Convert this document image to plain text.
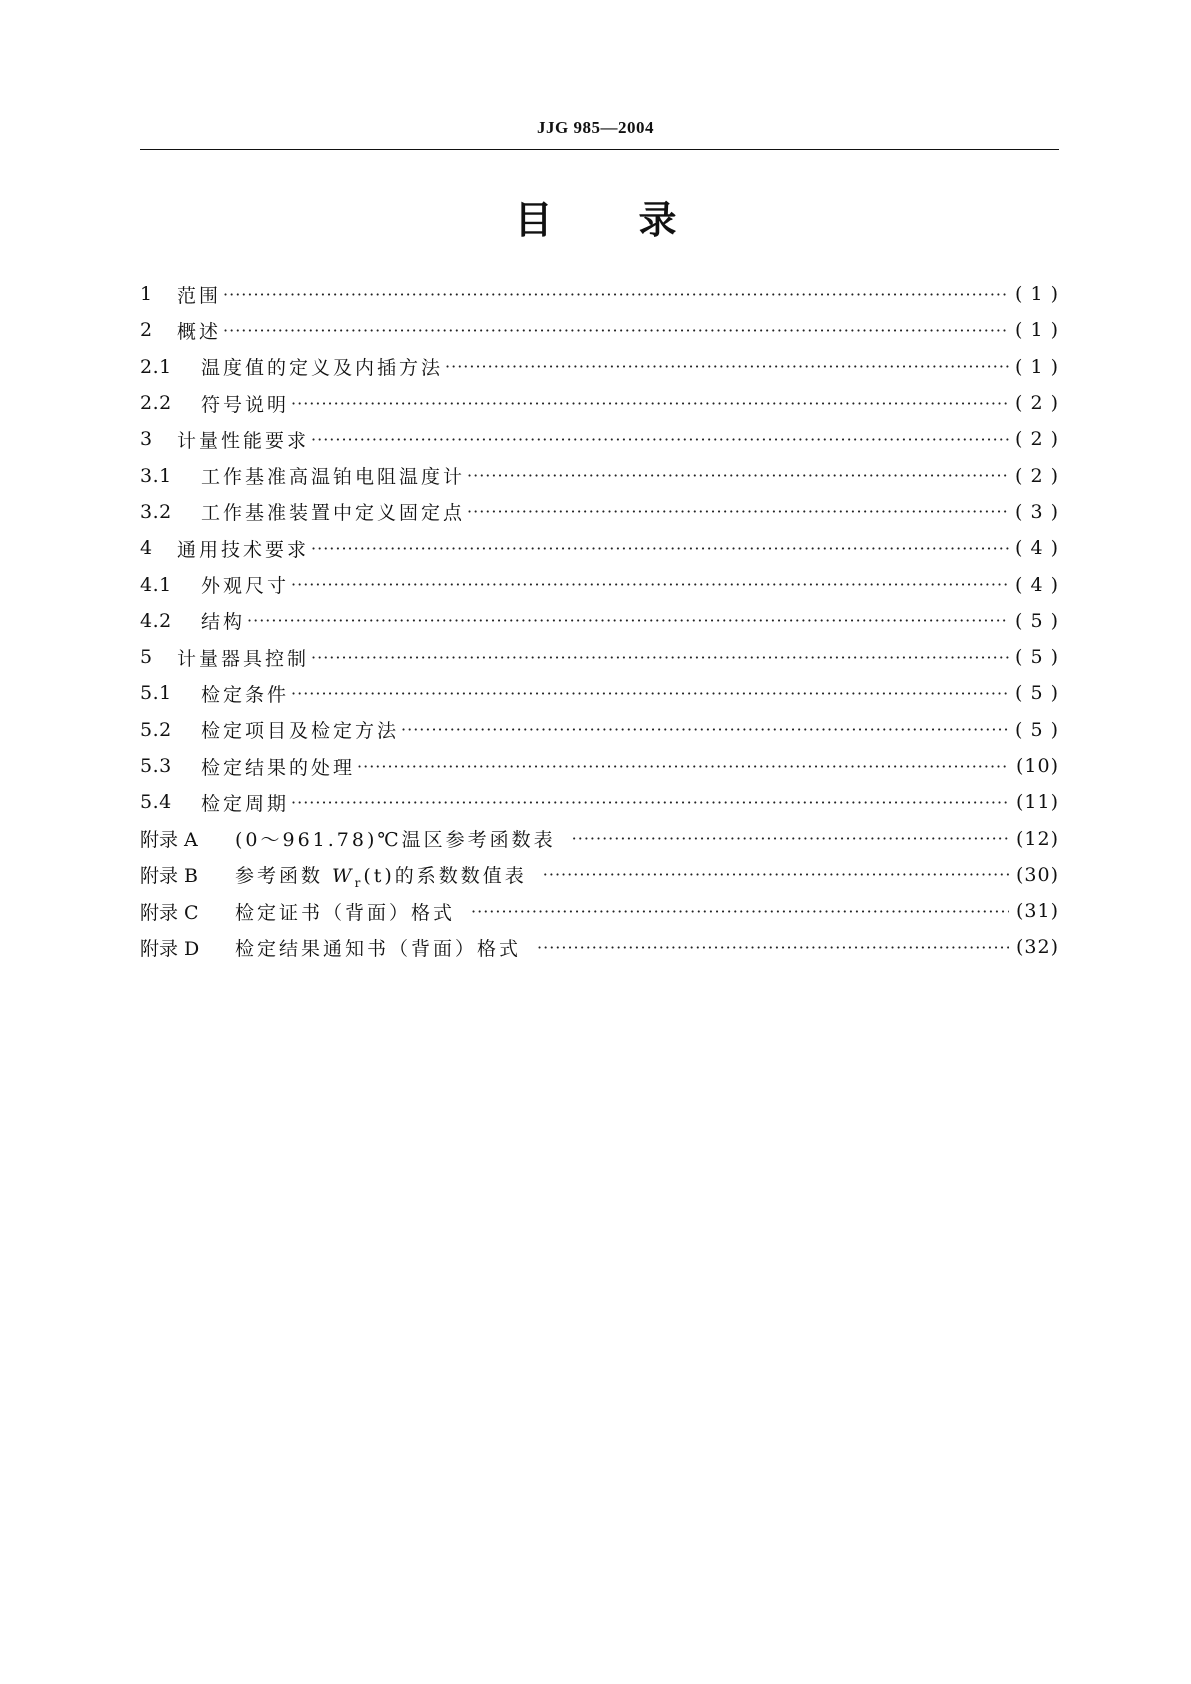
JJG 985—2004
目 录
1	范围 ·····	( 1 )
2	概述 ·····	( 1 )
2.1	温度值的定义及内插方法 ·····	( 1 )
2.2	符号说明 ·····	( 2 )
3	计量性能要求 ·····	( 2 )
3.1	工作基准高温铂电阻温度计 ·····	( 2 )
3.2	工作基准装置中定义固定点 ·····	( 3 )
4	通用技术要求 ·····	( 4 )
4.1	外观尺寸 ·····	( 4 )
4.2	结构 ·····	( 5 )
5	计量器具控制 ·····	( 5 )
5.1	检定条件 ·····	( 5 )
5.2	检定项目及检定方法 ·····	( 5 )
5.3	检定结果的处理 ·····	(10)
5.4	检定周期 ·····	(11)
附录 A	(0～961.78)℃温区参考函数表 ·····	(12)
附录 B	参考函数 $W_r(t)$的系数数值表 ·····	(30)
附录 C	检定证书（背面）格式 ·····	(31)
附录 D	检定结果通知书（背面）格式 ·····	(32)
